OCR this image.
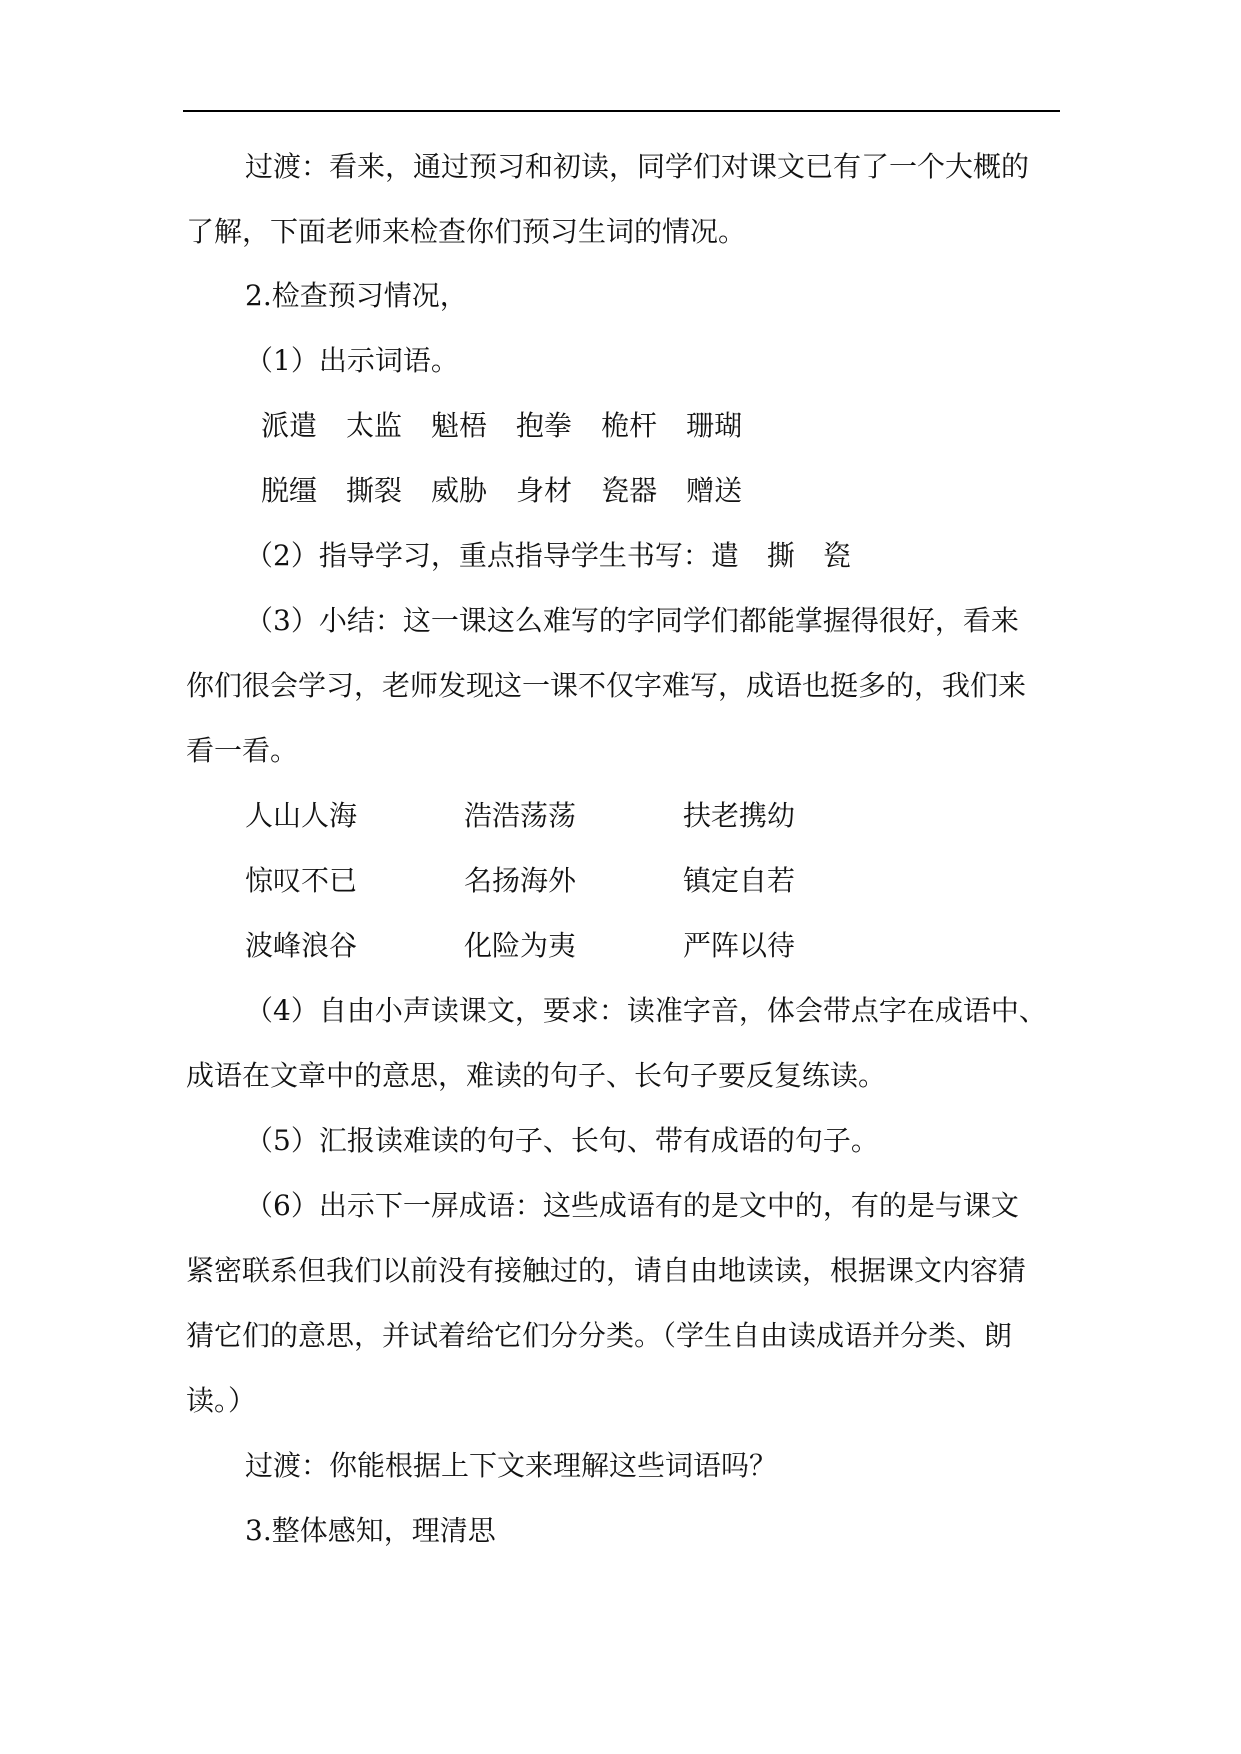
过渡：看来，通过预习和初读，同学们对课文已有了一个大概的
了解，下面老师来检查你们预习生词的情况。
2.检查预习情况，
（1）出示词语。
派遣 太监 魁梧 抱拳 桅杆 珊瑚
脱缰 撕裂 威胁 身材 瓷器 赠送
（2）指导学习，重点指导学生书写：遣　撕　瓷
（3）小结：这一课这么难写的字同学们都能掌握得很好，看来
你们很会学习，老师发现这一课不仅字难写，成语也挺多的，我们来
看一看。
人山人海	浩浩荡荡	扶老携幼
惊叹不已	名扬海外	镇定自若
波峰浪谷	化险为夷	严阵以待
（4）自由小声读课文，要求：读准字音，体会带点字在成语中、
成语在文章中的意思，难读的句子、长句子要反复练读。
（5）汇报读难读的句子、长句、带有成语的句子。
（6）出示下一屏成语：这些成语有的是文中的，有的是与课文
紧密联系但我们以前没有接触过的，请自由地读读，根据课文内容猜
猜它们的意思，并试着给它们分分类。（学生自由读成语并分类、朗
读。）
过渡：你能根据上下文来理解这些词语吗？
3.整体感知，理清思
